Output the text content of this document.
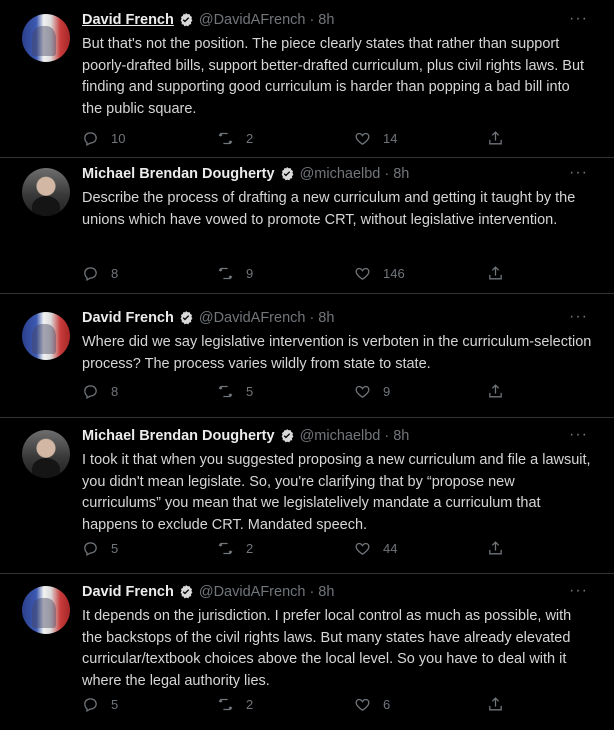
David French @DavidAFrench · 8h	···
But that's not the position. The piece clearly states that rather than support poorly-drafted bills, support better-drafted curriculum, plus civil rights laws. But finding and supporting good curriculum is harder than popping a bad bill into the public square.
10	2	14
Michael Brendan Dougherty @michaelbd · 8h	···
Describe the process of drafting a new curriculum and getting it taught by the unions which have vowed to promote CRT, without legislative intervention.
8	9	146
David French @DavidAFrench · 8h	···
Where did we say legislative intervention is verboten in the curriculum-selection process? The process varies wildly from state to state.
8	5	9
Michael Brendan Dougherty @michaelbd · 8h	···
I took it that when you suggested proposing a new curriculum and file a lawsuit, you didn't mean legislate. So, you're clarifying that by “propose new curriculums” you mean that we legislatelively mandate a curriculum that happens to exclude CRT. Mandated speech.
5	2	44
David French @DavidAFrench · 8h	···
It depends on the jurisdiction. I prefer local control as much as possible, with the backstops of the civil rights laws. But many states have already elevated curricular/textbook choices above the local level. So you have to deal with it where the legal authority lies.
5	2	6
